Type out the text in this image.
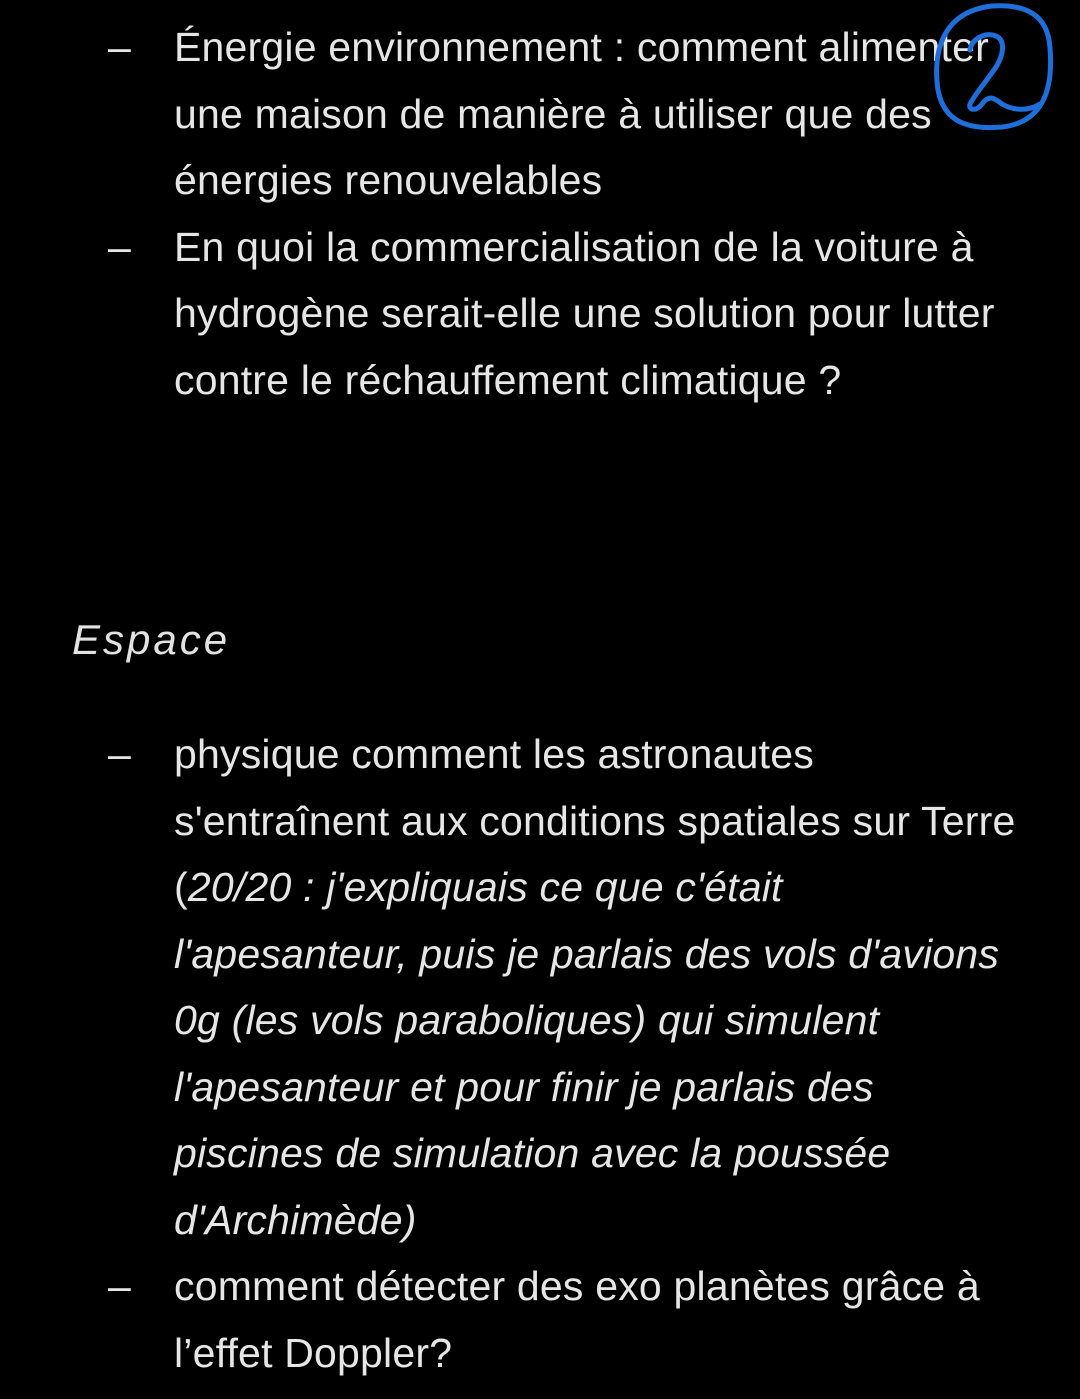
– Énergie environnement : comment alimenter une maison de manière à utiliser que des énergies renouvelables
– En quoi la commercialisation de la voiture à hydrogène serait-elle une solution pour lutter contre le réchauffement climatique ?
Espace
– physique comment les astronautes s'entraînent aux conditions spatiales sur Terre (20/20 : j'expliquais ce que c'était l'apesanteur, puis je parlais des vols d'avions 0g (les vols paraboliques) qui simulent l'apesanteur et pour finir je parlais des piscines de simulation avec la poussée d'Archimède)
– comment détecter des exo planètes grâce à l’effet Doppler?
